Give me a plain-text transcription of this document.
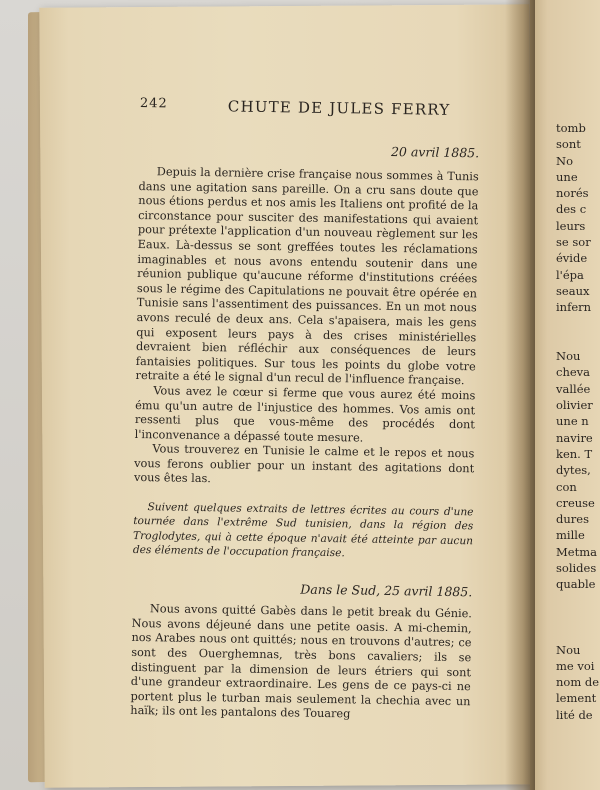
242	CHUTE DE JULES FERRY
20 avril 1885.

Depuis la dernière crise française nous sommes à Tunis dans une agitation sans pareille. On a cru sans doute que nous étions perdus et nos amis les Italiens ont profité de la circonstance pour susciter des manifestations qui avaient pour prétexte l'application d'un nouveau règlement sur les Eaux. Là-dessus se sont greffées toutes les réclamations imaginables et nous avons entendu soutenir dans une réunion publique qu'aucune réforme d'institutions créées sous le régime des Capitulations ne pouvait être opérée en Tunisie sans l'assentiment des puissances. En un mot nous avons reculé de deux ans. Cela s'apaisera, mais les gens qui exposent leurs pays à des crises ministérielles devraient bien réfléchir aux conséquences de leurs fantaisies politiques. Sur tous les points du globe votre retraite a été le signal d'un recul de l'influence française.

Vous avez le cœur si ferme que vous aurez été moins ému qu'un autre de l'injustice des hommes. Vos amis ont ressenti plus que vous-même des procédés dont l'inconvenance a dépassé toute mesure.

Vous trouverez en Tunisie le calme et le repos et nous vous ferons oublier pour un instant des agitations dont vous êtes las.

Suivent quelques extraits de lettres écrites au cours d'une tournée dans l'extrême Sud tunisien, dans la région des Troglodytes, qui à cette époque n'avait été atteinte par aucun des éléments de l'occupation française.

Dans le Sud, 25 avril 1885.

Nous avons quitté Gabès dans le petit break du Génie. Nous avons déjeuné dans une petite oasis. A mi-chemin, nos Arabes nous ont quittés; nous en trouvons d'autres; ce sont des Ouerghemnas, très bons cavaliers; ils se distinguent par la dimension de leurs étriers qui sont d'une grandeur extraordinaire. Les gens de ce pays-ci ne portent plus le turban mais seulement la chechia avec un haïk; ils ont les pantalons des Touareg

tomb
sont
No
une
norés
des c
leurs
se sor
évide
l'épa
seaux
infern

Nou
cheva
vallée
olivier
une n
navire
ken. T
dytes,
con
creuse
dures
mille
Metma
solides
quable

Nou
me voi
nom de
lement
lité de
